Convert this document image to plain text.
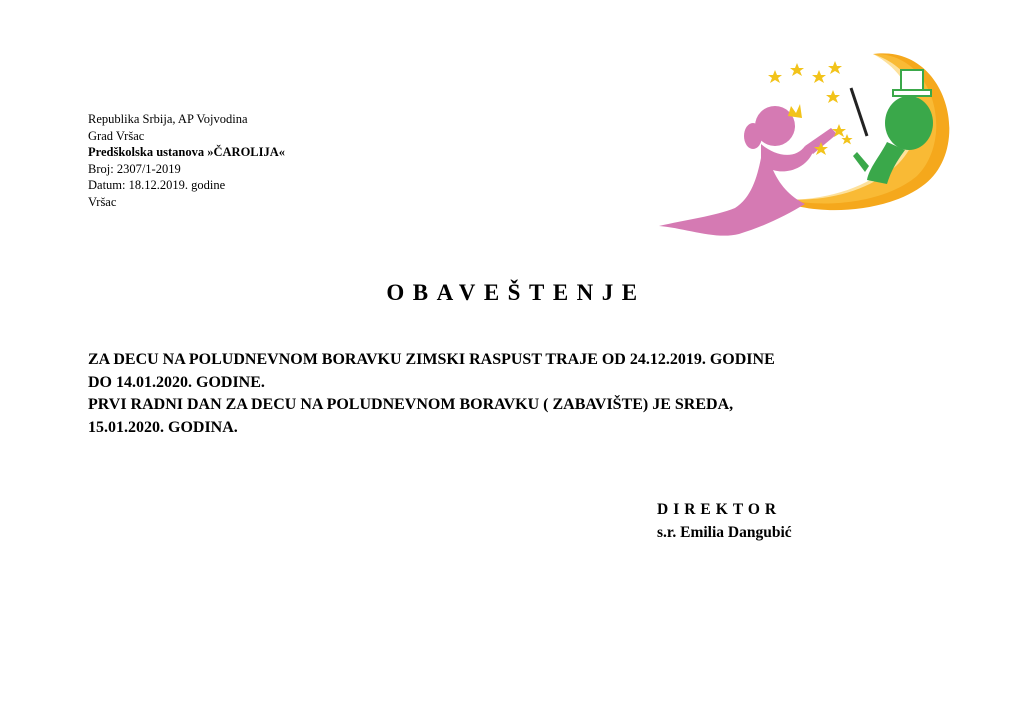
Republika Srbija, AP Vojvodina
Grad Vršac
Predškolska ustanova »ČAROLIJA«
Broj: 2307/1-2019
Datum: 18.12.2019. godine
Vršac
OBAVEŠTENJE
ZA DECU NA POLUDNEVNOM BORAVKU ZIMSKI RASPUST TRAJE OD 24.12.2019. GODINE
DO 14.01.2020. GODINE.
PRVI RADNI DAN ZA DECU NA POLUDNEVNOM BORAVKU ( ZABAVIŠTE) JE SREDA,
15.01.2020. GODINA.
DIREKTOR
s.r. Emilia Dangubić
